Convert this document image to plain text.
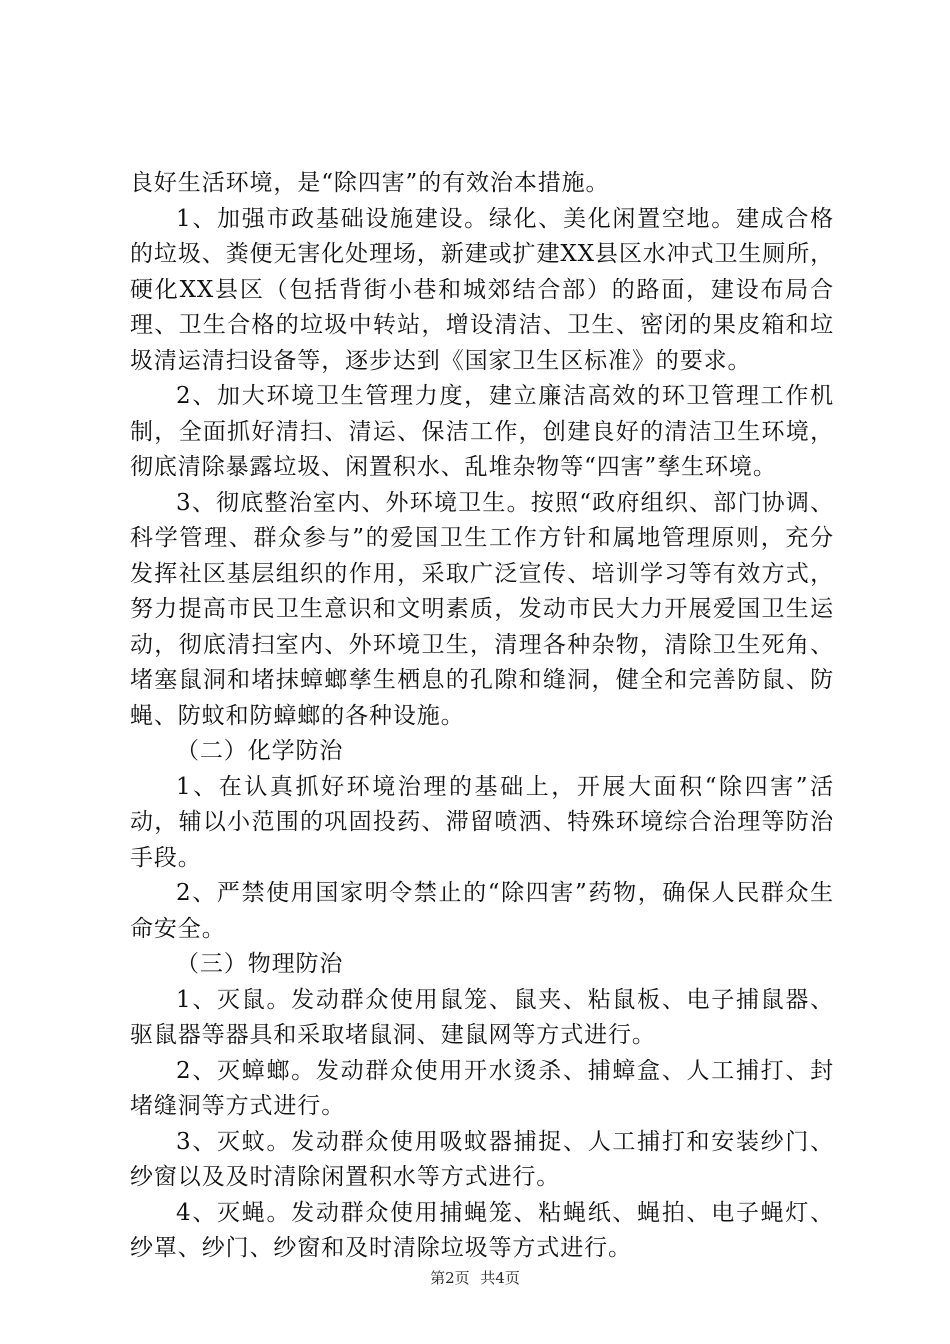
良好生活环境，是“除四害”的有效治本措施。

1、加强市政基础设施建设。绿化、美化闲置空地。建成合格的垃圾、粪便无害化处理场，新建或扩建XX县区水冲式卫生厕所，硬化XX县区（包括背街小巷和城郊结合部）的路面，建设布局合理、卫生合格的垃圾中转站，增设清洁、卫生、密闭的果皮箱和垃圾清运清扫设备等，逐步达到《国家卫生区标准》的要求。

2、加大环境卫生管理力度，建立廉洁高效的环卫管理工作机制，全面抓好清扫、清运、保洁工作，创建良好的清洁卫生环境，彻底清除暴露垃圾、闲置积水、乱堆杂物等“四害”孳生环境。

3、彻底整治室内、外环境卫生。按照“政府组织、部门协调、科学管理、群众参与”的爱国卫生工作方针和属地管理原则，充分发挥社区基层组织的作用，采取广泛宣传、培训学习等有效方式，努力提高市民卫生意识和文明素质，发动市民大力开展爱国卫生运动，彻底清扫室内、外环境卫生，清理各种杂物，清除卫生死角、堵塞鼠洞和堵抹蟑螂孳生栖息的孔隙和缝洞，健全和完善防鼠、防蝇、防蚊和防蟑螂的各种设施。

（二）化学防治

1、在认真抓好环境治理的基础上，开展大面积“除四害”活动，辅以小范围的巩固投药、滞留喷洒、特殊环境综合治理等防治手段。

2、严禁使用国家明令禁止的“除四害”药物，确保人民群众生命安全。

（三）物理防治

1、灭鼠。发动群众使用鼠笼、鼠夹、粘鼠板、电子捕鼠器、驱鼠器等器具和采取堵鼠洞、建鼠网等方式进行。

2、灭蟑螂。发动群众使用开水烫杀、捕蟑盒、人工捕打、封堵缝洞等方式进行。

3、灭蚊。发动群众使用吸蚊器捕捉、人工捕打和安装纱门、纱窗以及及时清除闲置积水等方式进行。

4、灭蝇。发动群众使用捕蝇笼、粘蝇纸、蝇拍、电子蝇灯、纱罩、纱门、纱窗和及时清除垃圾等方式进行。

第2页 共4页
